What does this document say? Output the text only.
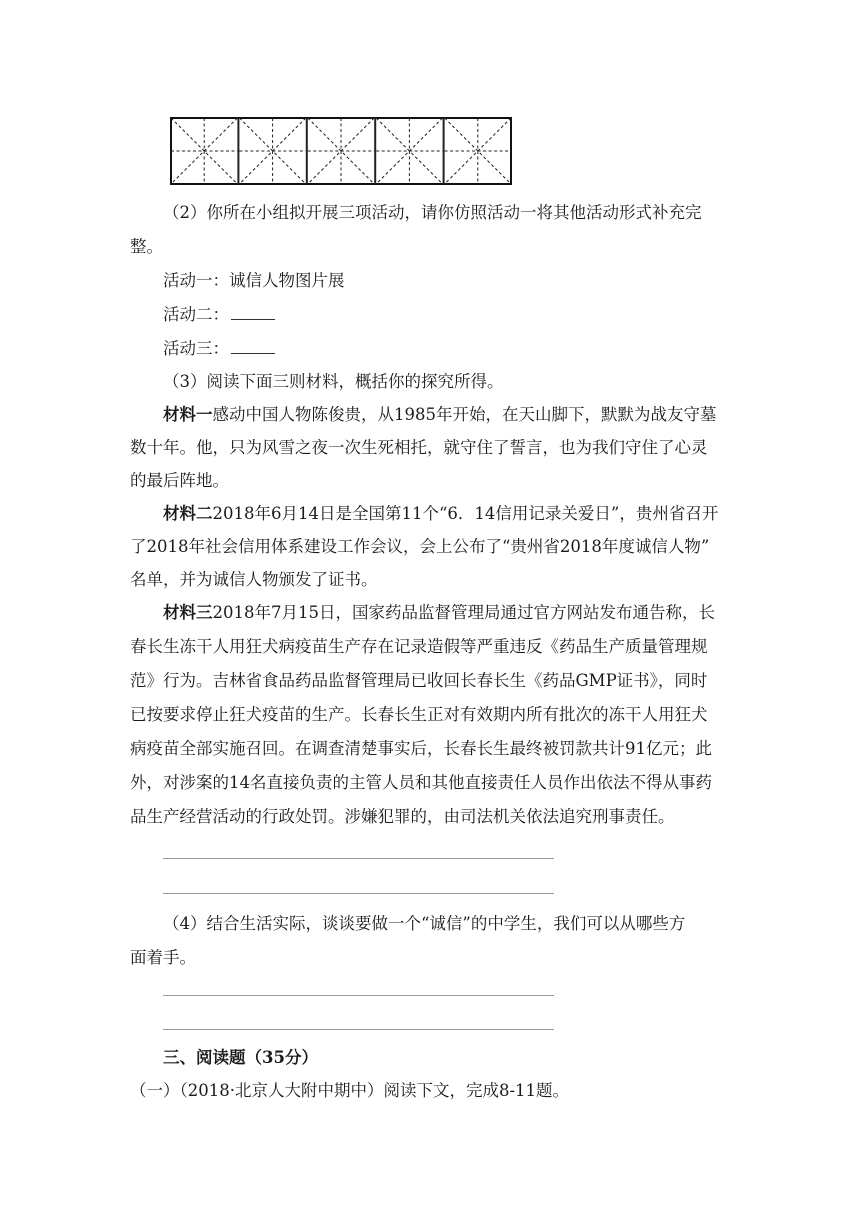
（2）你所在小组拟开展三项活动，请你仿照活动一将其他活动形式补充完
整。
活动一：诚信人物图片展
活动二：
活动三：
（3）阅读下面三则材料，概括你的探究所得。
材料一感动中国人物陈俊贵，从1985年开始，在天山脚下，默默为战友守墓
数十年。他，只为风雪之夜一次生死相托，就守住了誓言，也为我们守住了心灵
的最后阵地。
材料二2018年6月14日是全国第11个“6．14信用记录关爱日”，贵州省召开
了2018年社会信用体系建设工作会议，会上公布了“贵州省2018年度诚信人物”
名单，并为诚信人物颁发了证书。
材料三2018年7月15日，国家药品监督管理局通过官方网站发布通告称，长
春长生冻干人用狂犬病疫苗生产存在记录造假等严重违反《药品生产质量管理规
范》行为。吉林省食品药品监督管理局已收回长春长生《药品GMP证书》，同时
已按要求停止狂犬疫苗的生产。长春长生正对有效期内所有批次的冻干人用狂犬
病疫苗全部实施召回。在调查清楚事实后，长春长生最终被罚款共计91亿元；此
外，对涉案的14名直接负责的主管人员和其他直接责任人员作出依法不得从事药
品生产经营活动的行政处罚。涉嫌犯罪的，由司法机关依法追究刑事责任。
（4）结合生活实际，谈谈要做一个“诚信”的中学生，我们可以从哪些方
面着手。
三、阅读题（35分）
（一）（2018·北京人大附中期中）阅读下文，完成8-11题。
